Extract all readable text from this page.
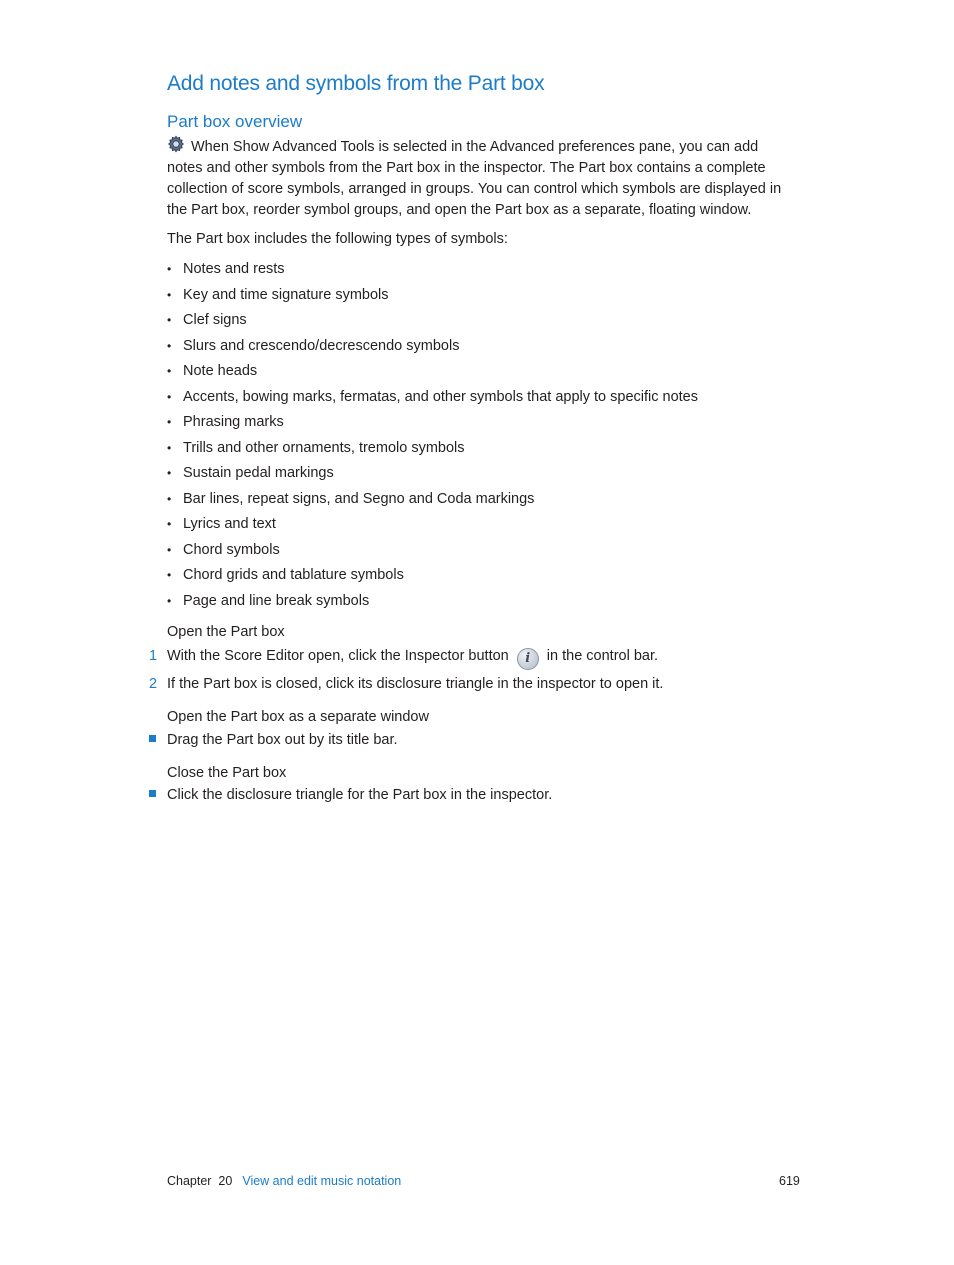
Add notes and symbols from the Part box
Part box overview

When Show Advanced Tools is selected in the Advanced preferences pane, you can add notes and other symbols from the Part box in the inspector. The Part box contains a complete collection of score symbols, arranged in groups. You can control which symbols are displayed in the Part box, reorder symbol groups, and open the Part box as a separate, floating window.

The Part box includes the following types of symbols:

• Notes and rests
• Key and time signature symbols
• Clef signs
• Slurs and crescendo/decrescendo symbols
• Note heads
• Accents, bowing marks, fermatas, and other symbols that apply to specific notes
• Phrasing marks
• Trills and other ornaments, tremolo symbols
• Sustain pedal markings
• Bar lines, repeat signs, and Segno and Coda markings
• Lyrics and text
• Chord symbols
• Chord grids and tablature symbols
• Page and line break symbols

Open the Part box

1 With the Score Editor open, click the Inspector button i in the control bar.

2 If the Part box is closed, click its disclosure triangle in the inspector to open it.

Open the Part box as a separate window

Drag the Part box out by its title bar.

Close the Part box

Click the disclosure triangle for the Part box in the inspector.

Chapter  20 View and edit music notation	619
